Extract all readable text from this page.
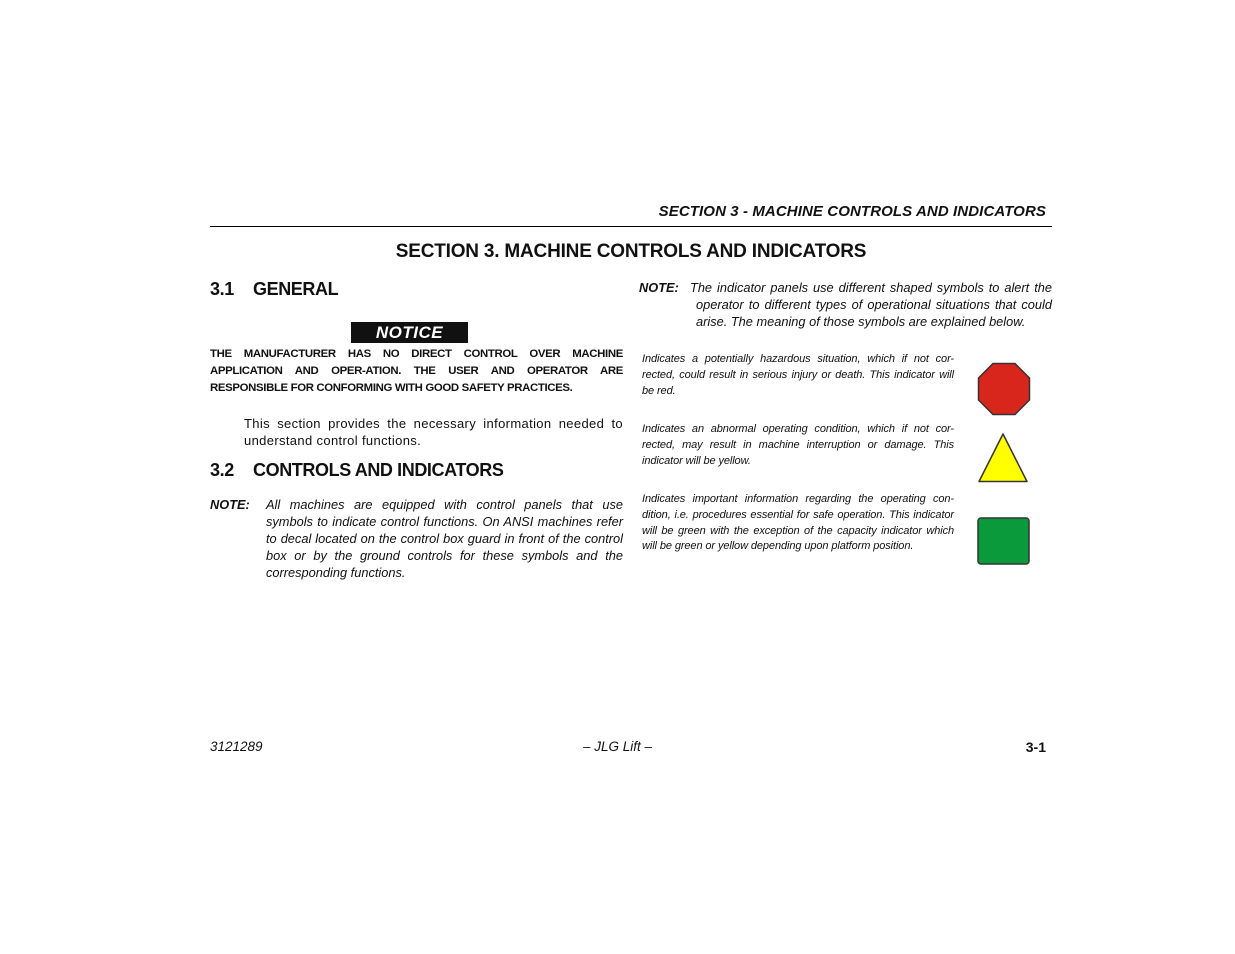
SECTION 3 - MACHINE CONTROLS AND INDICATORS
SECTION 3. MACHINE CONTROLS AND INDICATORS
3.1 GENERAL
NOTICE
THE MANUFACTURER HAS NO DIRECT CONTROL OVER MACHINE APPLICATION AND OPER-ATION. THE USER AND OPERATOR ARE RESPONSIBLE FOR CONFORMING WITH GOOD SAFETY PRACTICES.
This section provides the necessary information needed to understand control functions.
3.2 CONTROLS AND INDICATORS
NOTE: All machines are equipped with control panels that use symbols to indicate control functions. On ANSI machines refer to decal located on the control box guard in front of the control box or by the ground controls for these symbols and the corresponding functions.
NOTE: The indicator panels use different shaped symbols to alert the operator to different types of operational situations that could arise. The meaning of those symbols are explained below.
Indicates a potentially hazardous situation, which if not cor-rected, could result in serious injury or death. This indicator will be red.
Indicates an abnormal operating condition, which if not cor-rected, may result in machine interruption or damage. This indicator will be yellow.
Indicates important information regarding the operating con-dition, i.e. procedures essential for safe operation. This indicator will be green with the exception of the capacity indicator which will be green or yellow depending upon platform position.
3121289	– JLG Lift –	3-1
